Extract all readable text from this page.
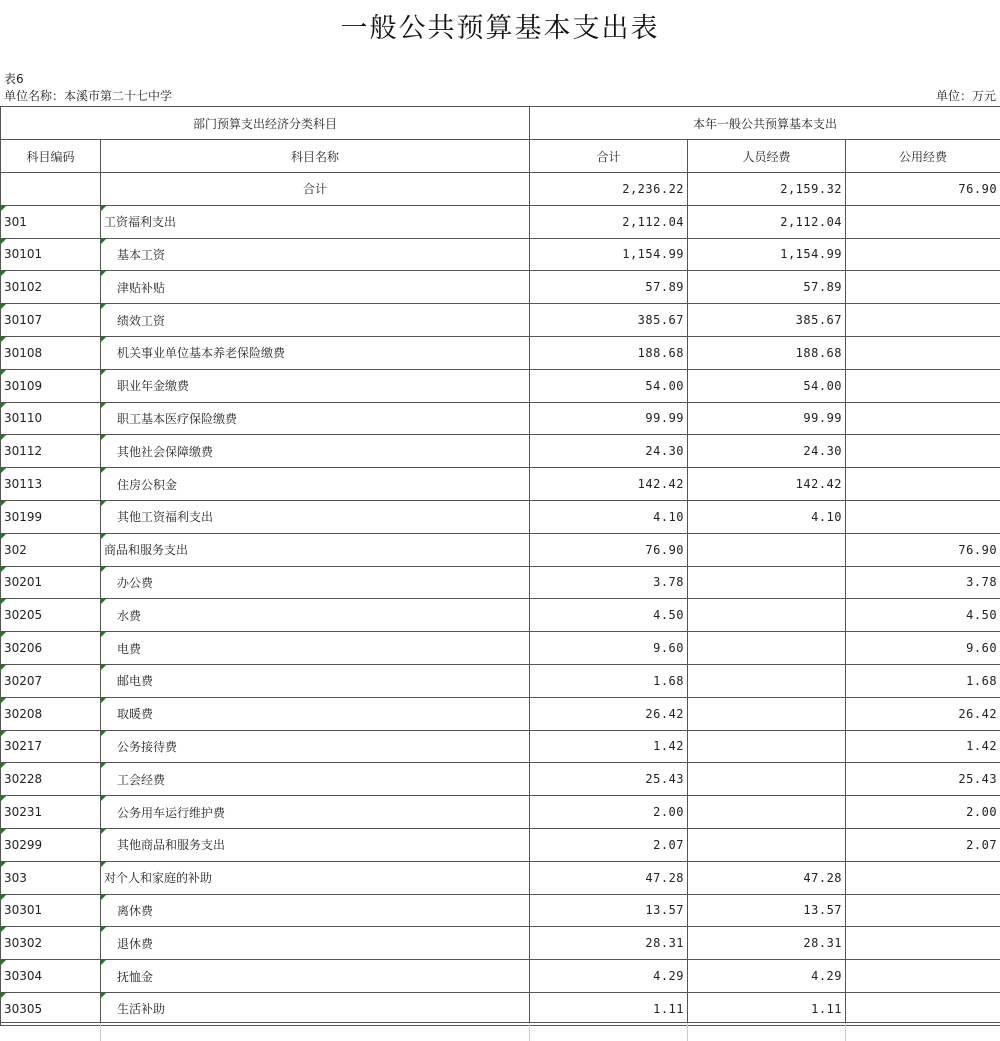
一般公共预算基本支出表
表6
单位名称：本溪市第二十七中学	单位：万元
部门预算支出经济分类科目		本年一般公共预算基本支出		
科目编码	科目名称	合计	人员经费	公用经费
	合计	2,236.22	2,159.32	76.90

301	工资福利支出	2,112.04	2,112.04	

30101	基本工资	1,154.99	1,154.99	

30102	津贴补贴	57.89	57.89	

30107	绩效工资	385.67	385.67	

30108	机关事业单位基本养老保险缴费	188.68	188.68	

30109	职业年金缴费	54.00	54.00	

30110	职工基本医疗保险缴费	99.99	99.99	

30112	其他社会保障缴费	24.30	24.30	

30113	住房公积金	142.42	142.42	

30199	其他工资福利支出	4.10	4.10	

302	商品和服务支出	76.90		76.90

30201	办公费	3.78		3.78

30205	水费	4.50		4.50

30206	电费	9.60		9.60

30207	邮电费	1.68		1.68

30208	取暖费	26.42		26.42

30217	公务接待费	1.42		1.42

30228	工会经费	25.43		25.43

30231	公务用车运行维护费	2.00		2.00

30299	其他商品和服务支出	2.07		2.07

303	对个人和家庭的补助	47.28	47.28	

30301	离休费	13.57	13.57	

30302	退休费	28.31	28.31	

30304	抚恤金	4.29	4.29	

30305	生活补助	1.11	1.11	
